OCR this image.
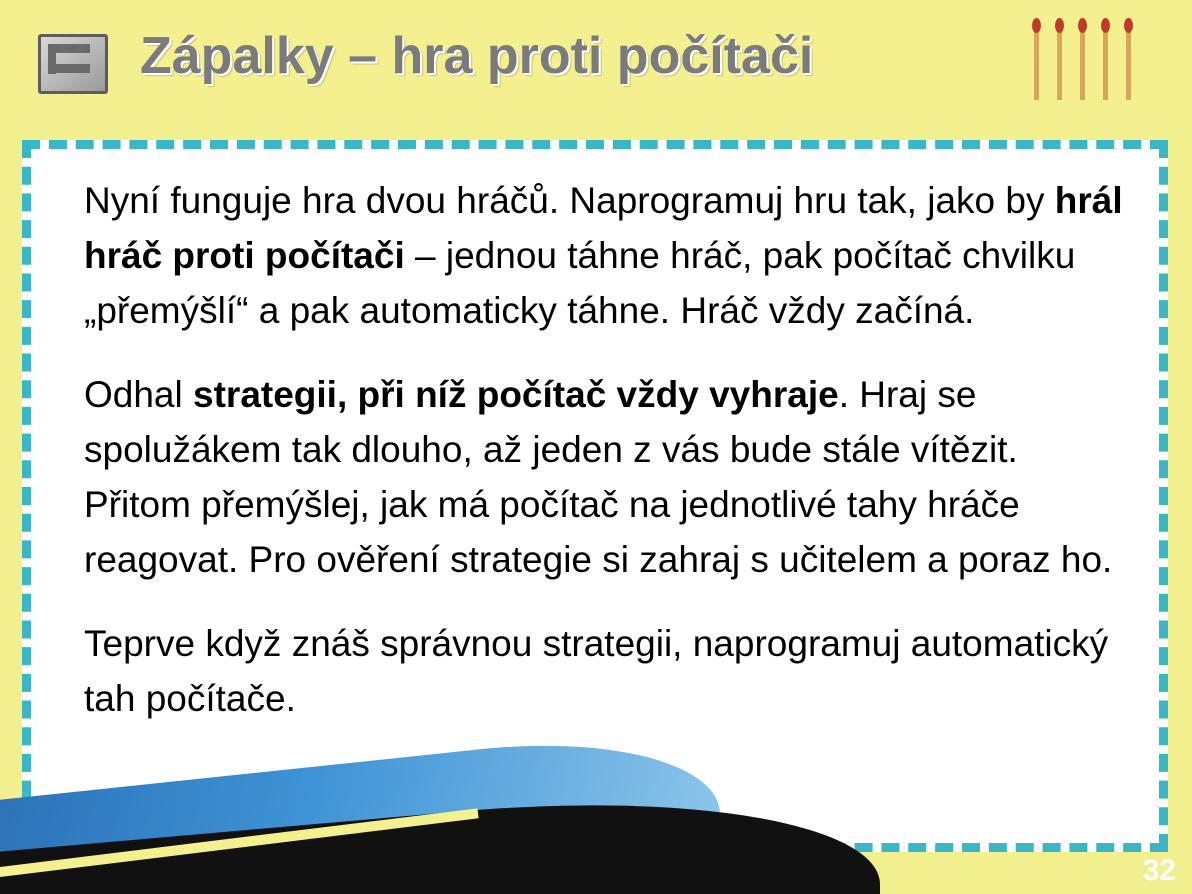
Zápalky – hra proti počítači

Nyní funguje hra dvou hráčů. Naprogramuj hru tak, jako by hrál hráč proti počítači – jednou táhne hráč, pak počítač chvilku „přemýšlí“ a pak automaticky táhne. Hráč vždy začíná.

Odhal strategii, při níž počítač vždy vyhraje. Hraj se spolužákem tak dlouho, až jeden z vás bude stále vítězit. Přitom přemýšlej, jak má počítač na jednotlivé tahy hráče reagovat. Pro ověření strategie si zahraj s učitelem a poraz ho.

Teprve když znáš správnou strategii, naprogramuj automatický tah počítače.

32
